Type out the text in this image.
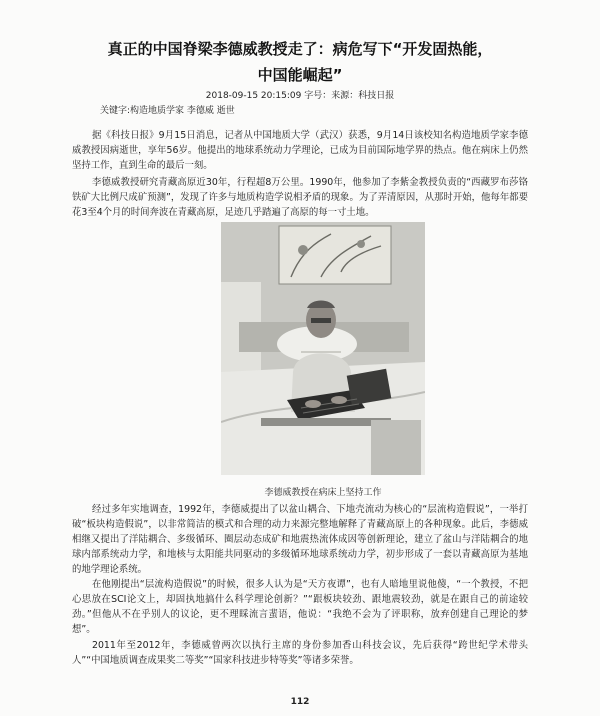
真正的中国脊梁李德威教授走了：病危写下“开发固热能，
中国能崛起”
2018-09-15 20:15:09 字号：来源：科技日报
关键字:构造地质学家 李德威 逝世

据《科技日报》9月15日消息，记者从中国地质大学（武汉）获悉，9月14日该校知名构造地质学家李德威教授因病逝世，享年56岁。他提出的地球系统动力学理论，已成为目前国际地学界的热点。他在病床上仍然坚持工作，直到生命的最后一刻。

李德威教授研究青藏高原近30年，行程超8万公里。1990年，他参加了李紫金教授负责的“西藏罗布莎铬铁矿大比例尺成矿预测”，发现了许多与地质构造学说相矛盾的现象。为了弄清原因，从那时开始，他每年都要花3至4个月的时间奔波在青藏高原，足迹几乎踏遍了高原的每一寸土地。

李德威教授在病床上坚持工作

经过多年实地调查，1992年，李德威提出了以盆山耦合、下地壳流动为核心的“层流构造假说”，一举打破“板块构造假说”，以非常简洁的模式和合理的动力来源完整地解释了青藏高原上的各种现象。此后，李德威相继又提出了洋陆耦合、多级循环、圈层动态成矿和地震热流体成因等创新理论，建立了盆山与洋陆耦合的地球内部系统动力学，和地核与太阳能共同驱动的多级循环地球系统动力学，初步形成了一套以青藏高原为基地的地学理论系统。

在他刚提出“层流构造假说”的时候，很多人认为是“天方夜谭”，也有人暗地里说他傻，“一个教授，不把心思放在SCI论文上，却固执地搞什么科学理论创新？”“跟板块较劲、跟地震较劲，就是在跟自己的前途较劲。”但他从不在乎别人的议论，更不理睬流言蜚语，他说：“我绝不会为了评职称，放弃创建自己理论的梦想”。

2011年至2012年，李德威曾两次以执行主席的身份参加香山科技会议，先后获得“跨世纪学术带头人”“中国地质调查成果奖二等奖”“国家科技进步特等奖”等诸多荣誉。

112
